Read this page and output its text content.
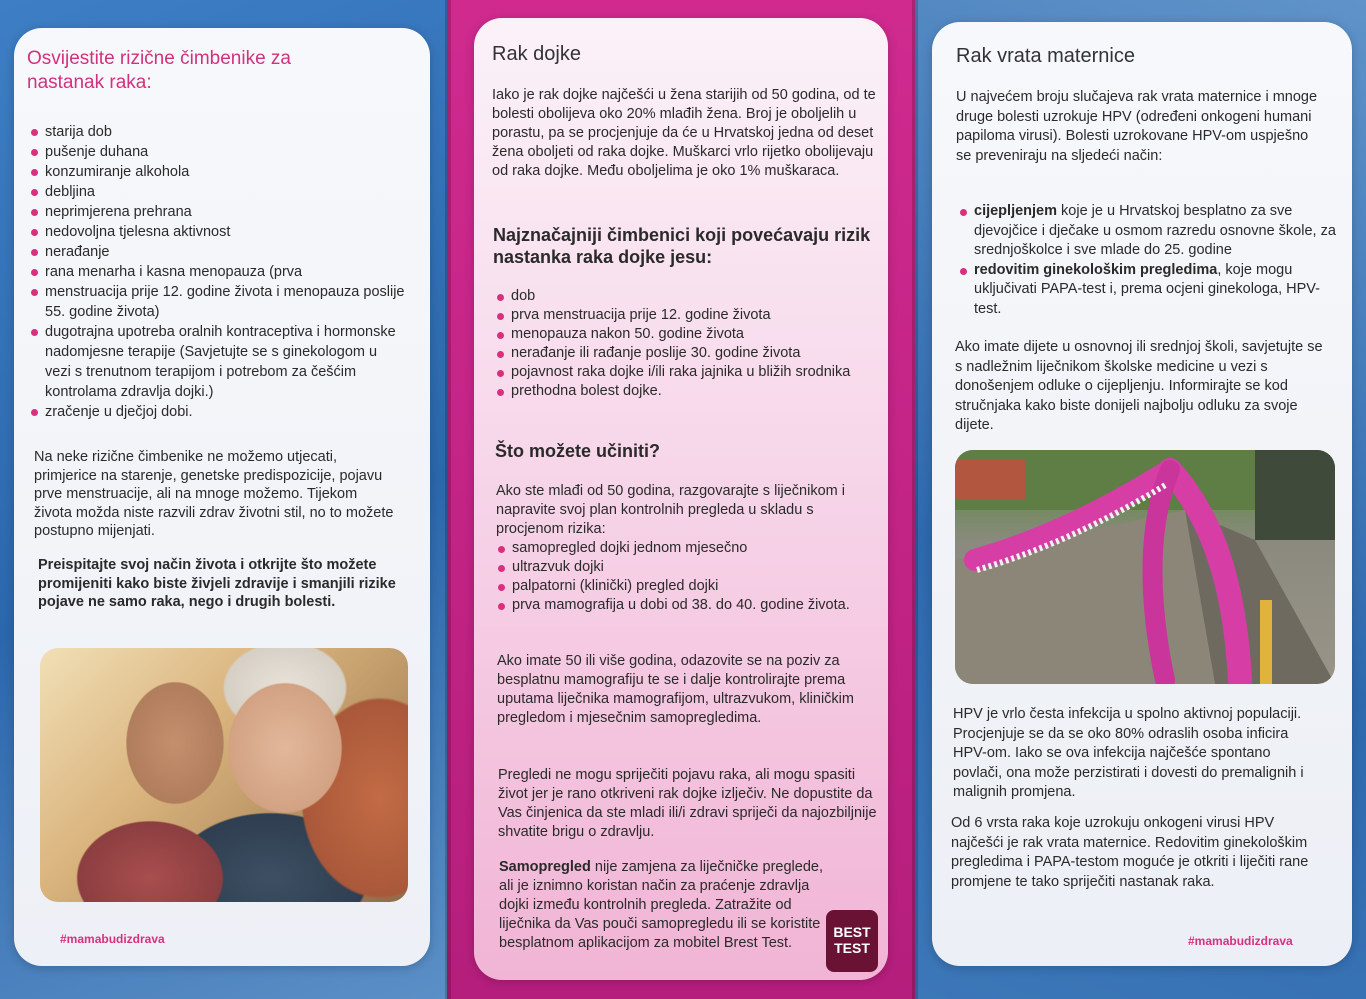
Osvijestite rizične čimbenike za nastanak raka:
starija dob
pušenje duhana
konzumiranje alkohola
debljina
neprimjerena prehrana
nedovoljna tjelesna aktivnost
nerađanje
rana menarha i kasna menopauza (prva
menstruacija prije 12. godine života i menopauza poslije 55. godine života)
dugotrajna upotreba oralnih kontraceptiva i hormonske nadomjesne terapije (Savjetujte se s ginekologom u vezi s trenutnom terapijom i potrebom za češćim kontrolama zdravlja dojki.)
zračenje u dječjoj dobi.
Na neke rizične čimbenike ne možemo utjecati, primjerice na starenje, genetske predispozicije, pojavu prve menstruacije, ali na mnoge možemo. Tijekom života možda niste razvili zdrav životni stil, no to možete postupno mijenjati.
Preispitajte svoj način života i otkrijte što možete promijeniti kako biste živjeli zdravije i smanjili rizike pojave ne samo raka, nego i drugih bolesti.
#mamabudizdrava
Rak dojke
Iako je rak dojke najčešći u žena starijih od 50 godina, od te bolesti obolijeva oko 20% mlađih žena. Broj je oboljelih u porastu, pa se procjenjuje da će u Hrvatskoj jedna od deset žena oboljeti od raka dojke. Muškarci vrlo rijetko obolijevaju od raka dojke. Među oboljelima je oko 1% muškaraca.
Najznačajniji čimbenici koji povećavaju rizik nastanka raka dojke jesu:
dob
prva menstruacija prije 12. godine života
menopauza nakon 50. godine života
nerađanje ili rađanje poslije 30. godine života
pojavnost raka dojke i/ili raka jajnika u bližih srodnika
prethodna bolest dojke.
Što možete učiniti?
Ako ste mlađi od 50 godina, razgovarajte s liječnikom i napravite svoj plan kontrolnih pregleda u skladu s procjenom rizika:
samopregled dojki jednom mjesečno
ultrazvuk dojki
palpatorni (klinički) pregled dojki
prva mamografija u dobi od 38. do 40. godine života.
Ako imate 50 ili više godina, odazovite se na poziv za besplatnu mamografiju te se i dalje kontrolirajte prema uputama liječnika mamografijom, ultrazvukom, kliničkim pregledom i mjesečnim samopregledima.
Pregledi ne mogu spriječiti pojavu raka, ali mogu spasiti život jer je rano otkriveni rak dojke izlječiv. Ne dopustite da Vas činjenica da ste mladi ili/i zdravi spriječi da najozbiljnije shvatite brigu o zdravlju.
Samopregled nije zamjena za liječničke preglede, ali je iznimno koristan način za praćenje zdravlja dojki između kontrolnih pregleda. Zatražite od liječnika da Vas pouči samopregledu ili se koristite besplatnom aplikacijom za mobitel Brest Test.
BEST
TEST
Rak vrata maternice
U najvećem broju slučajeva rak vrata maternice i mnoge druge bolesti uzrokuje HPV (određeni onkogeni humani papiloma virusi). Bolesti uzrokovane HPV-om uspješno se preveniraju na sljedeći način:
cijepljenjem koje je u Hrvatskoj besplatno za sve djevojčice i dječake u osmom razredu osnovne škole, za srednjoškolce i sve mlade do 25. godine
redovitim ginekološkim pregledima, koje mogu uključivati PAPA-test i, prema ocjeni ginekologa, HPV-test.
Ako imate dijete u osnovnoj ili srednjoj školi, savjetujte se s nadležnim liječnikom školske medicine u vezi s donošenjem odluke o cijepljenju. Informirajte se kod stručnjaka kako biste donijeli najbolju odluku za svoje dijete.
HPV je vrlo česta infekcija u spolno aktivnoj populaciji. Procjenjuje se da se oko 80% odraslih osoba inficira HPV-om. Iako se ova infekcija najčešće spontano povlači, ona može perzistirati i dovesti do premalignih i malignih promjena.
Od 6 vrsta raka koje uzrokuju onkogeni virusi HPV najčešći je rak vrata maternice. Redovitim ginekološkim pregledima i PAPA-testom moguće je otkriti i liječiti rane promjene te tako spriječiti nastanak raka.
#mamabudizdrava
